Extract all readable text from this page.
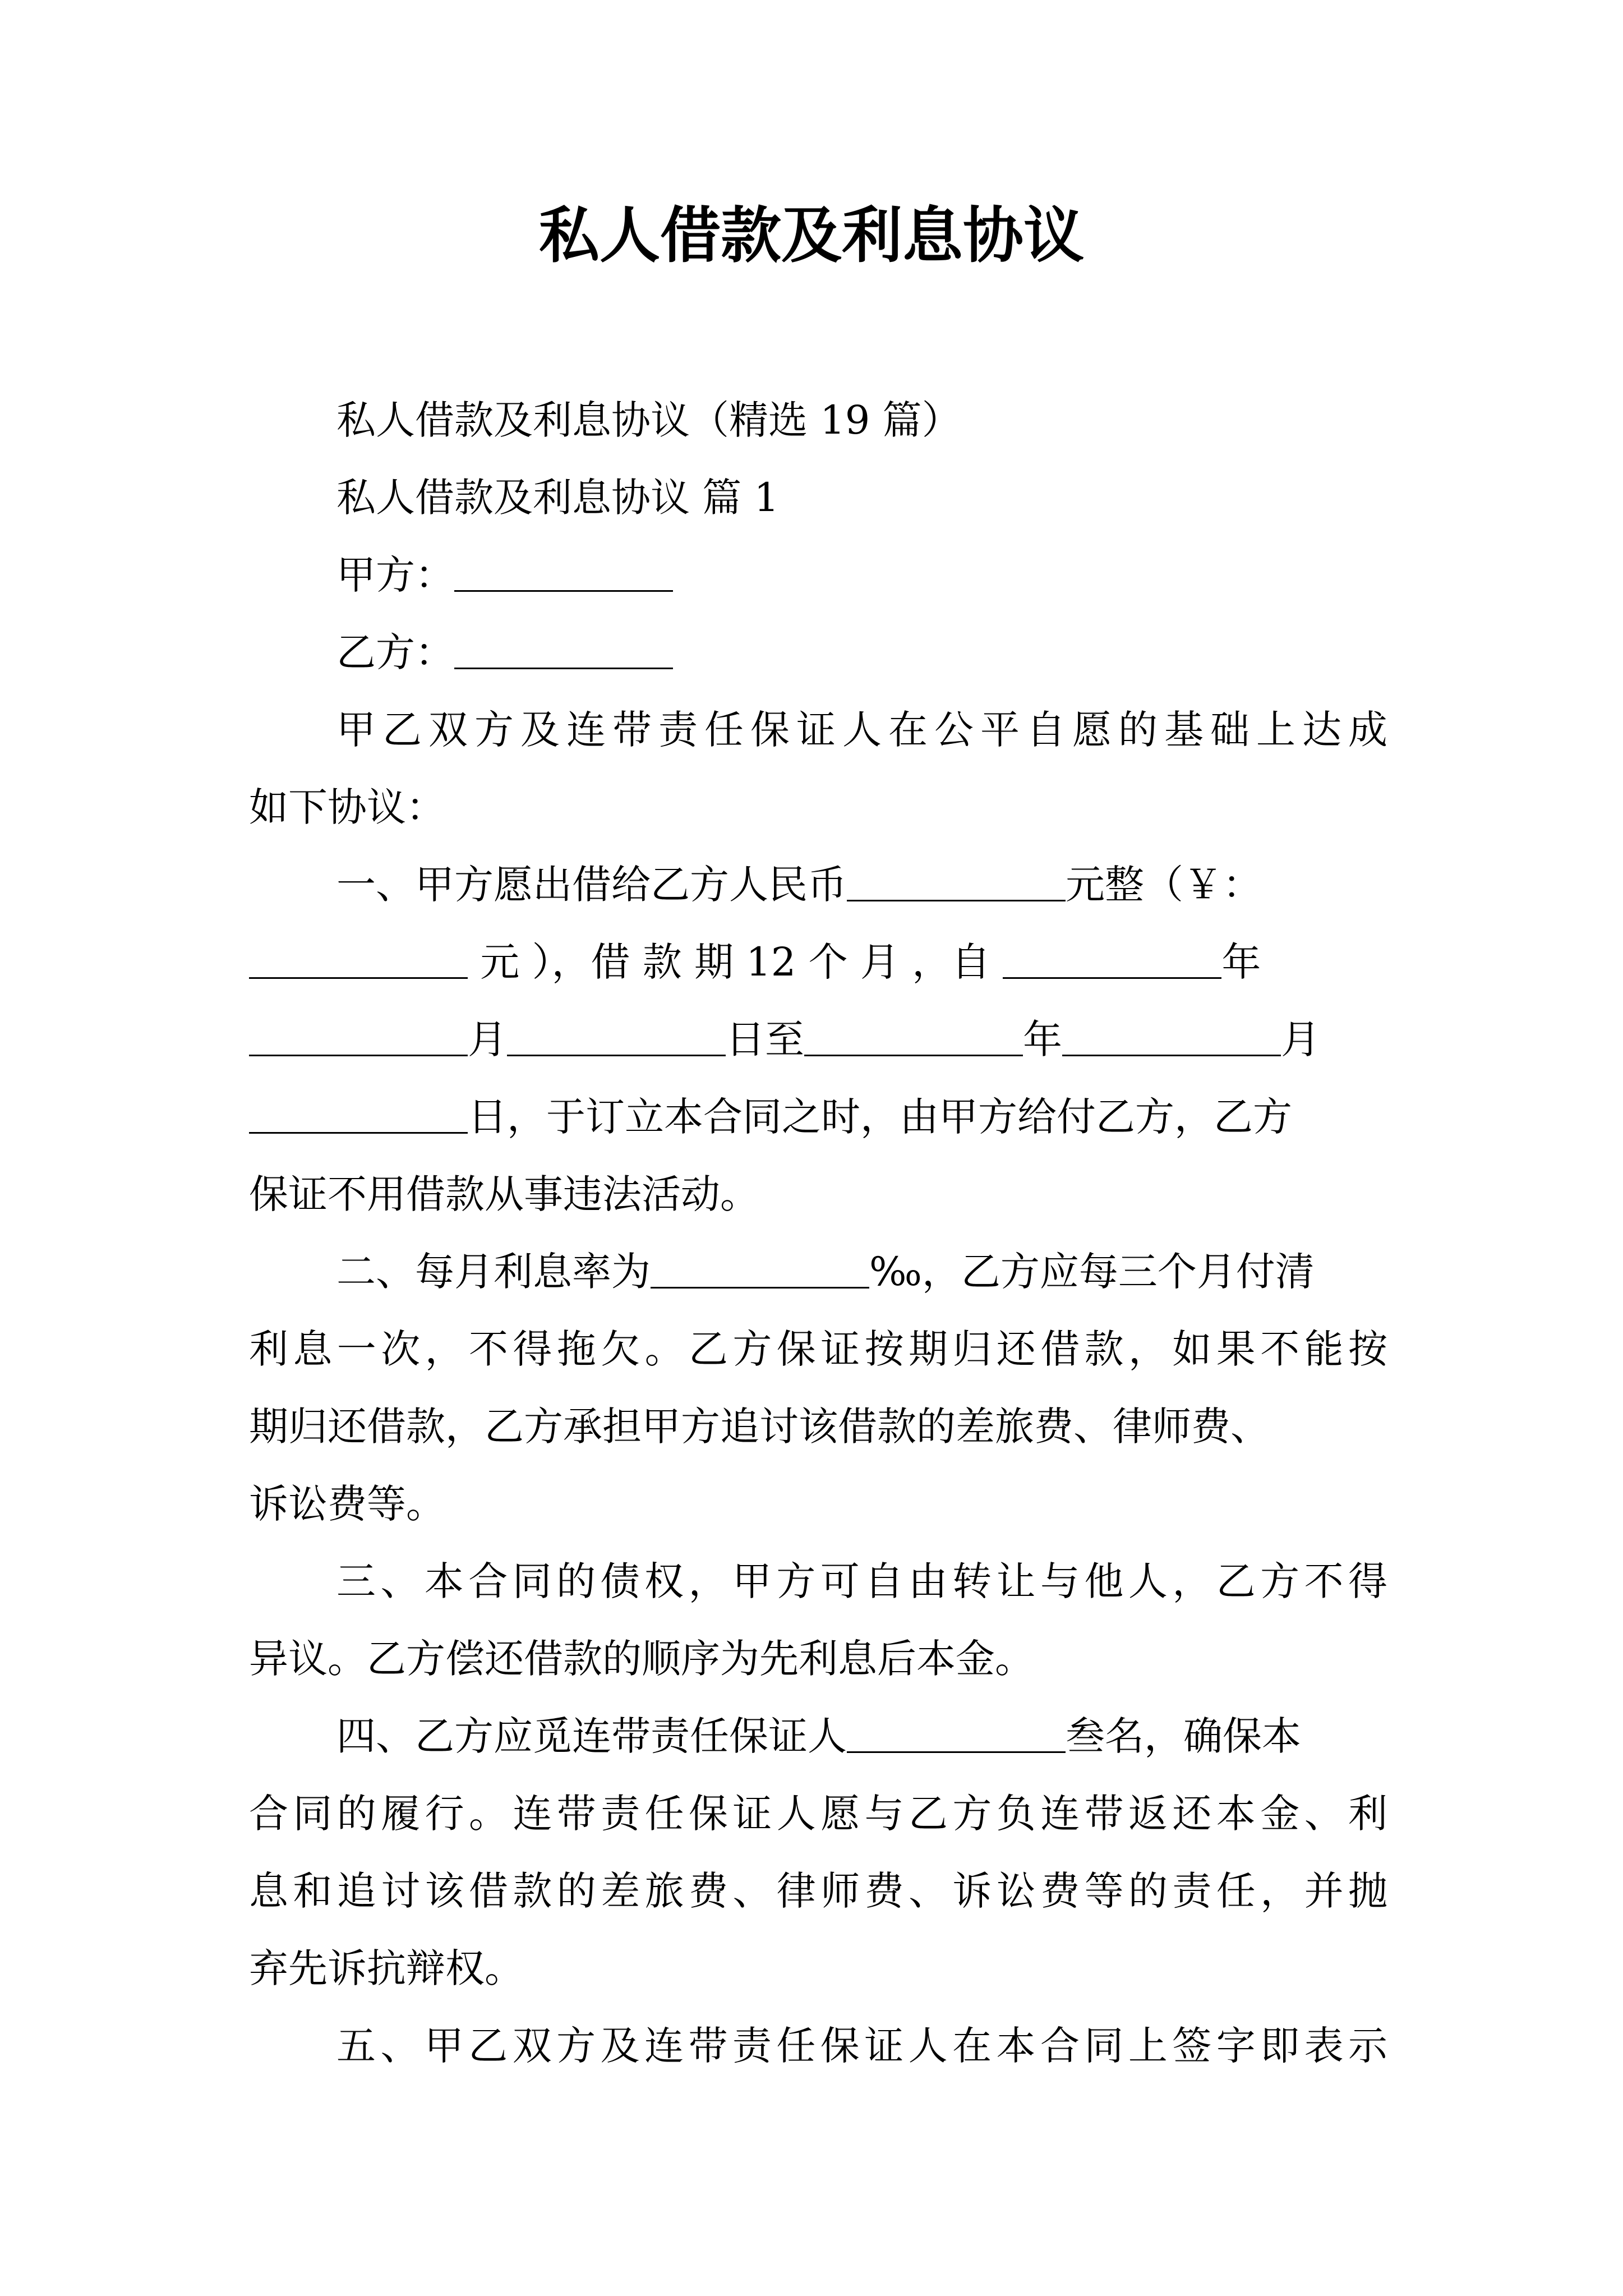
私人借款及利息协议
私人借款及利息协议（精选 19 篇）
私人借款及利息协议 篇 1
甲方：
乙方：
甲乙双方及连带责任保证人在公平自愿的基础上达成
如下协议：
一、甲方愿出借给乙方人民币	元整（￥：
元 ），借 款 期 12 个 月 ，自	年
月	日至	年	月
日，于订立本合同之时，由甲方给付乙方，乙方
保证不用借款从事违法活动。
二、每月利息率为	‰，乙方应每三个月付清
利息一次，不得拖欠。乙方保证按期归还借款，如果不能按
期归还借款，乙方承担甲方追讨该借款的差旅费、律师费、
诉讼费等。
三、本合同的债权，甲方可自由转让与他人，乙方不得
异议。乙方偿还借款的顺序为先利息后本金。
四、乙方应觅连带责任保证人	叁名，确保本
合同的履行。连带责任保证人愿与乙方负连带返还本金、利
息和追讨该借款的差旅费、律师费、诉讼费等的责任，并抛
弃先诉抗辩权。
五、甲乙双方及连带责任保证人在本合同上签字即表示
